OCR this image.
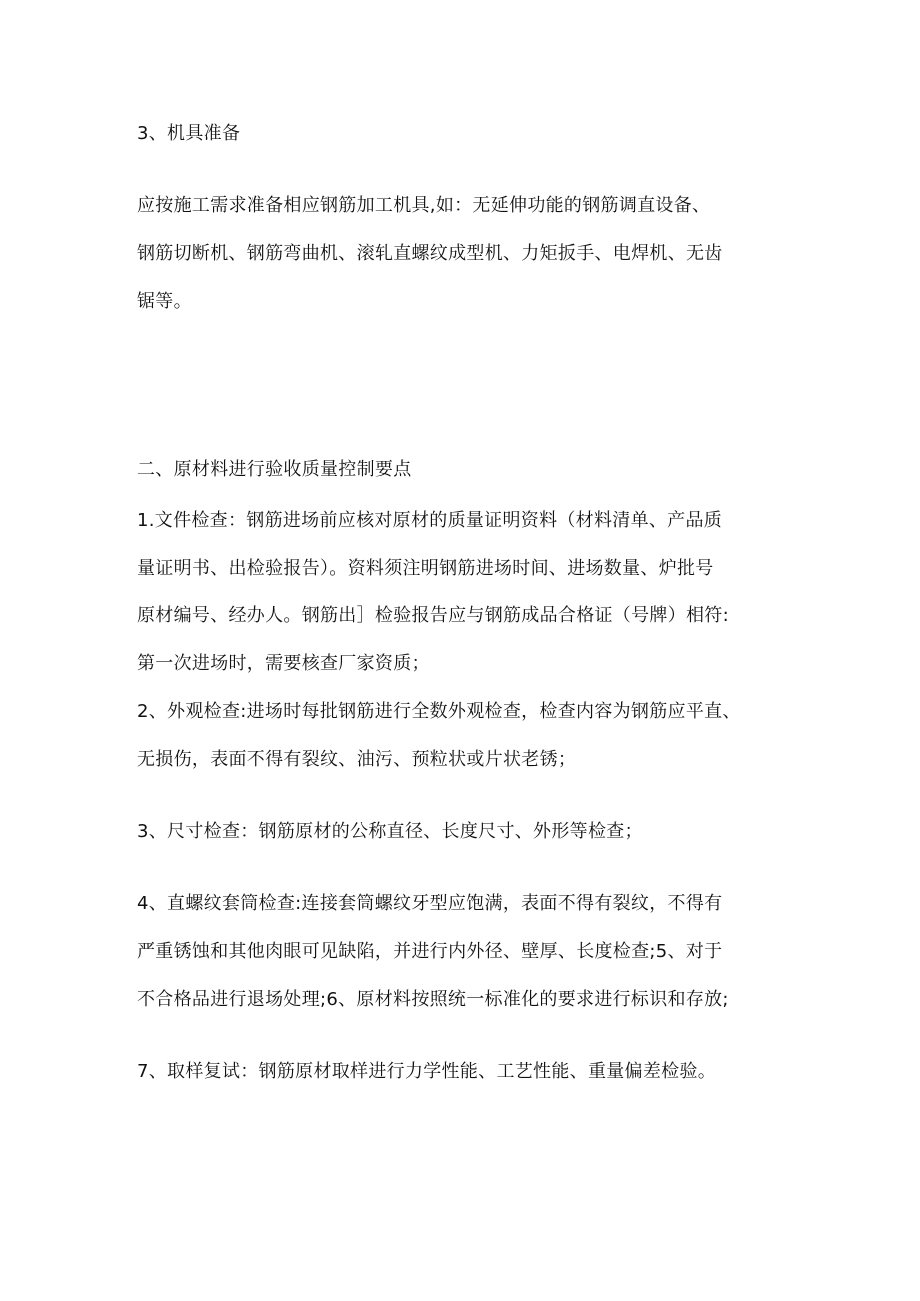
3、机具准备
应按施工需求准备相应钢筋加工机具,如：无延伸功能的钢筋调直设备、
钢筋切断机、钢筋弯曲机、滚轧直螺纹成型机、力矩扳手、电焊机、无齿
锯等。
二、原材料进行验收质量控制要点
1.文件检查：钢筋进场前应核对原材的质量证明资料（材料清单、产品质
量证明书、出检验报告）。资料须注明钢筋进场时间、进场数量、炉批号
原材编号、经办人。钢筋出］检验报告应与钢筋成品合格证（号牌）相符:
第一次进场时，需要核查厂家资质；
2、外观检查:进场时每批钢筋进行全数外观检查，检查内容为钢筋应平直、
无损伤，表面不得有裂纹、油污、预粒状或片状老锈；
3、尺寸检查：钢筋原材的公称直径、长度尺寸、外形等检查；
4、直螺纹套筒检查:连接套筒螺纹牙型应饱满，表面不得有裂纹，不得有
严重锈蚀和其他肉眼可见缺陷，并进行内外径、壁厚、长度检查;5、对于
不合格品进行退场处理;6、原材料按照统一标准化的要求进行标识和存放;
7、取样复试：钢筋原材取样进行力学性能、工艺性能、重量偏差检验。
